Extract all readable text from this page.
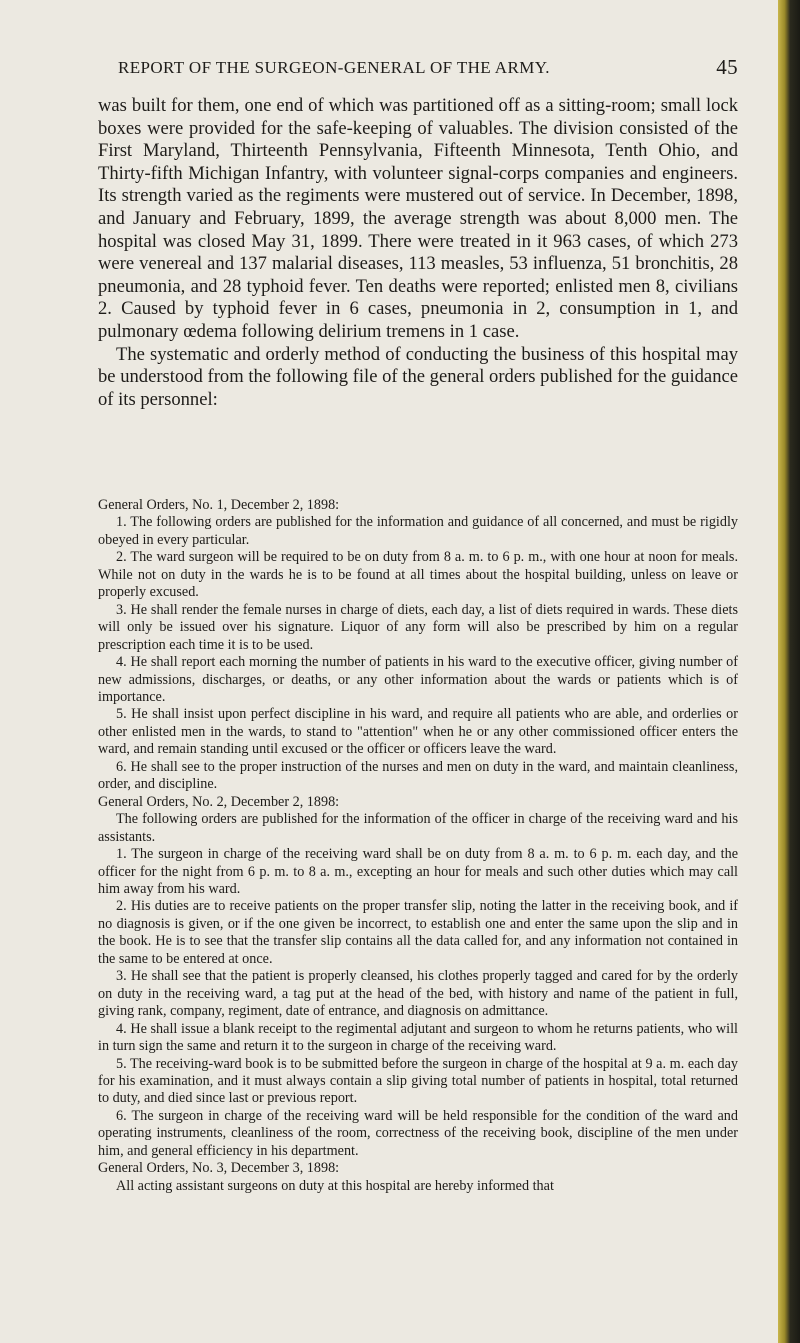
REPORT OF THE SURGEON-GENERAL OF THE ARMY.	45

was built for them, one end of which was partitioned off as a sitting-room; small lock boxes were provided for the safe-keeping of valuables. The division consisted of the First Maryland, Thirteenth Pennsylvania, Fifteenth Minnesota, Tenth Ohio, and Thirty-fifth Michigan Infantry, with volunteer signal-corps companies and engineers. Its strength varied as the regiments were mustered out of service. In December, 1898, and January and February, 1899, the average strength was about 8,000 men. The hospital was closed May 31, 1899. There were treated in it 963 cases, of which 273 were venereal and 137 malarial diseases, 113 measles, 53 influenza, 51 bronchitis, 28 pneumonia, and 28 typhoid fever. Ten deaths were reported; enlisted men 8, civilians 2. Caused by typhoid fever in 6 cases, pneumonia in 2, consumption in 1, and pulmonary œdema following delirium tremens in 1 case.

The systematic and orderly method of conducting the business of this hospital may be understood from the following file of the general orders published for the guidance of its personnel:

General Orders, No. 1, December 2, 1898:

1. The following orders are published for the information and guidance of all concerned, and must be rigidly obeyed in every particular.

2. The ward surgeon will be required to be on duty from 8 a. m. to 6 p. m., with one hour at noon for meals. While not on duty in the wards he is to be found at all times about the hospital building, unless on leave or properly excused.

3. He shall render the female nurses in charge of diets, each day, a list of diets required in wards. These diets will only be issued over his signature. Liquor of any form will also be prescribed by him on a regular prescription each time it is to be used.

4. He shall report each morning the number of patients in his ward to the executive officer, giving number of new admissions, discharges, or deaths, or any other information about the wards or patients which is of importance.

5. He shall insist upon perfect discipline in his ward, and require all patients who are able, and orderlies or other enlisted men in the wards, to stand to "attention" when he or any other commissioned officer enters the ward, and remain standing until excused or the officer or officers leave the ward.

6. He shall see to the proper instruction of the nurses and men on duty in the ward, and maintain cleanliness, order, and discipline.

General Orders, No. 2, December 2, 1898:

The following orders are published for the information of the officer in charge of the receiving ward and his assistants.

1. The surgeon in charge of the receiving ward shall be on duty from 8 a. m. to 6 p. m. each day, and the officer for the night from 6 p. m. to 8 a. m., excepting an hour for meals and such other duties which may call him away from his ward.

2. His duties are to receive patients on the proper transfer slip, noting the latter in the receiving book, and if no diagnosis is given, or if the one given be incorrect, to establish one and enter the same upon the slip and in the book. He is to see that the transfer slip contains all the data called for, and any information not contained in the same to be entered at once.

3. He shall see that the patient is properly cleansed, his clothes properly tagged and cared for by the orderly on duty in the receiving ward, a tag put at the head of the bed, with history and name of the patient in full, giving rank, company, regiment, date of entrance, and diagnosis on admittance.

4. He shall issue a blank receipt to the regimental adjutant and surgeon to whom he returns patients, who will in turn sign the same and return it to the surgeon in charge of the receiving ward.

5. The receiving-ward book is to be submitted before the surgeon in charge of the hospital at 9 a. m. each day for his examination, and it must always contain a slip giving total number of patients in hospital, total returned to duty, and died since last or previous report.

6. The surgeon in charge of the receiving ward will be held responsible for the condition of the ward and operating instruments, cleanliness of the room, correctness of the receiving book, discipline of the men under him, and general efficiency in his department.

General Orders, No. 3, December 3, 1898:

All acting assistant surgeons on duty at this hospital are hereby informed that
